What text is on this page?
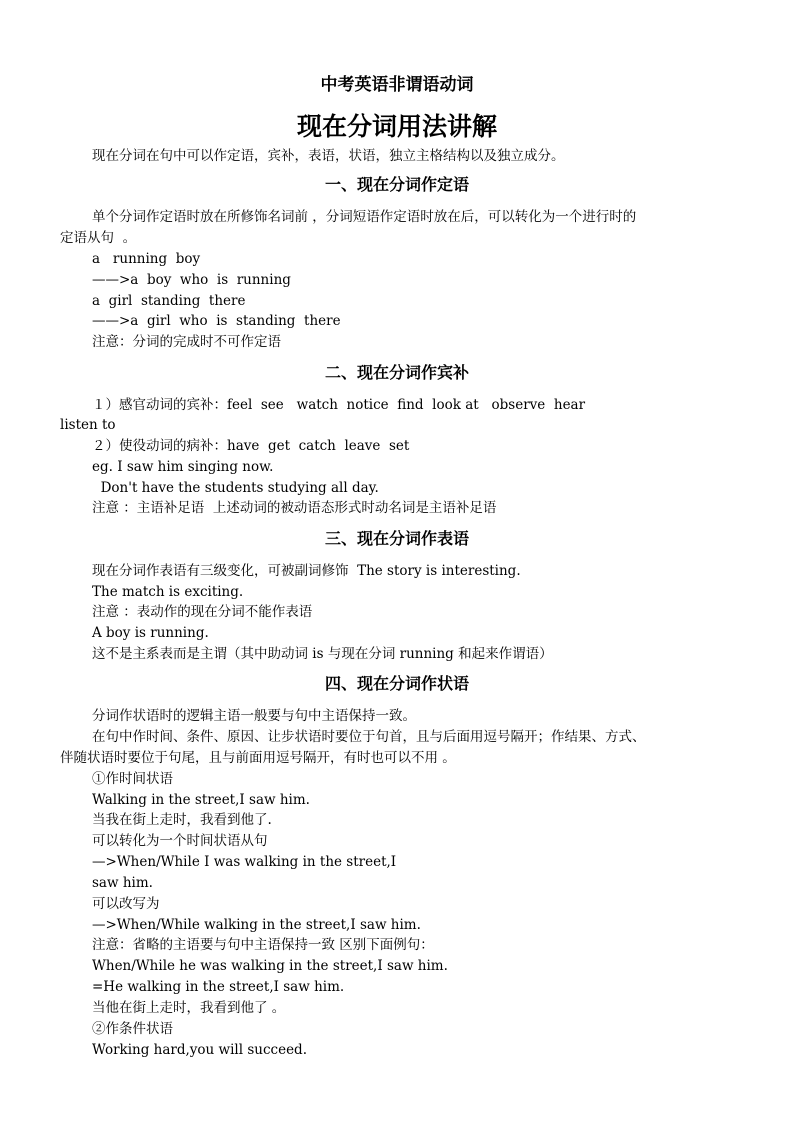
中考英语非谓语动词
现在分词用法讲解
现在分词在句中可以作定语，宾补，表语，状语，独立主格结构以及独立成分。
一、现在分词作定语
单个分词作定语时放在所修饰名词前 ，分词短语作定语时放在后，可以转化为一个进行时的
定语从句  。
a   running  boy
——>a  boy  who  is  running
a  girl  standing  there
——>a  girl  who  is  standing  there
注意：分词的完成时不可作定语
二、现在分词作宾补
１）感官动词的宾补：feel  see   watch  notice  find  look at   observe  hear
listen to
２）使役动词的病补：have  get  catch  leave  set
eg. I saw him singing now.
Don't have the students studying all day.
注意 ：主语补足语  上述动词的被动语态形式时动名词是主语补足语
三、现在分词作表语
现在分词作表语有三级变化，可被副词修饰  The story is interesting.
The match is exciting.
注意 ：表动作的现在分词不能作表语
A boy is running.
这不是主系表而是主谓（其中助动词 is 与现在分词 running 和起来作谓语）
四、现在分词作状语
分词作状语时的逻辑主语一般要与句中主语保持一致。
在句中作时间、条件、原因、让步状语时要位于句首，且与后面用逗号隔开；作结果、方式、
伴随状语时要位于句尾，且与前面用逗号隔开，有时也可以不用 。
①作时间状语
Walking in the street,I saw him.
当我在街上走时，我看到他了.
可以转化为一个时间状语从句
—>When/While I was walking in the street,I
saw him.
可以改写为
—>When/While walking in the street,I saw him.
注意：省略的主语要与句中主语保持一致 区别下面例句：
When/While he was walking in the street,I saw him.
=He walking in the street,I saw him.
当他在街上走时，我看到他了 。
②作条件状语
Working hard,you will succeed.
